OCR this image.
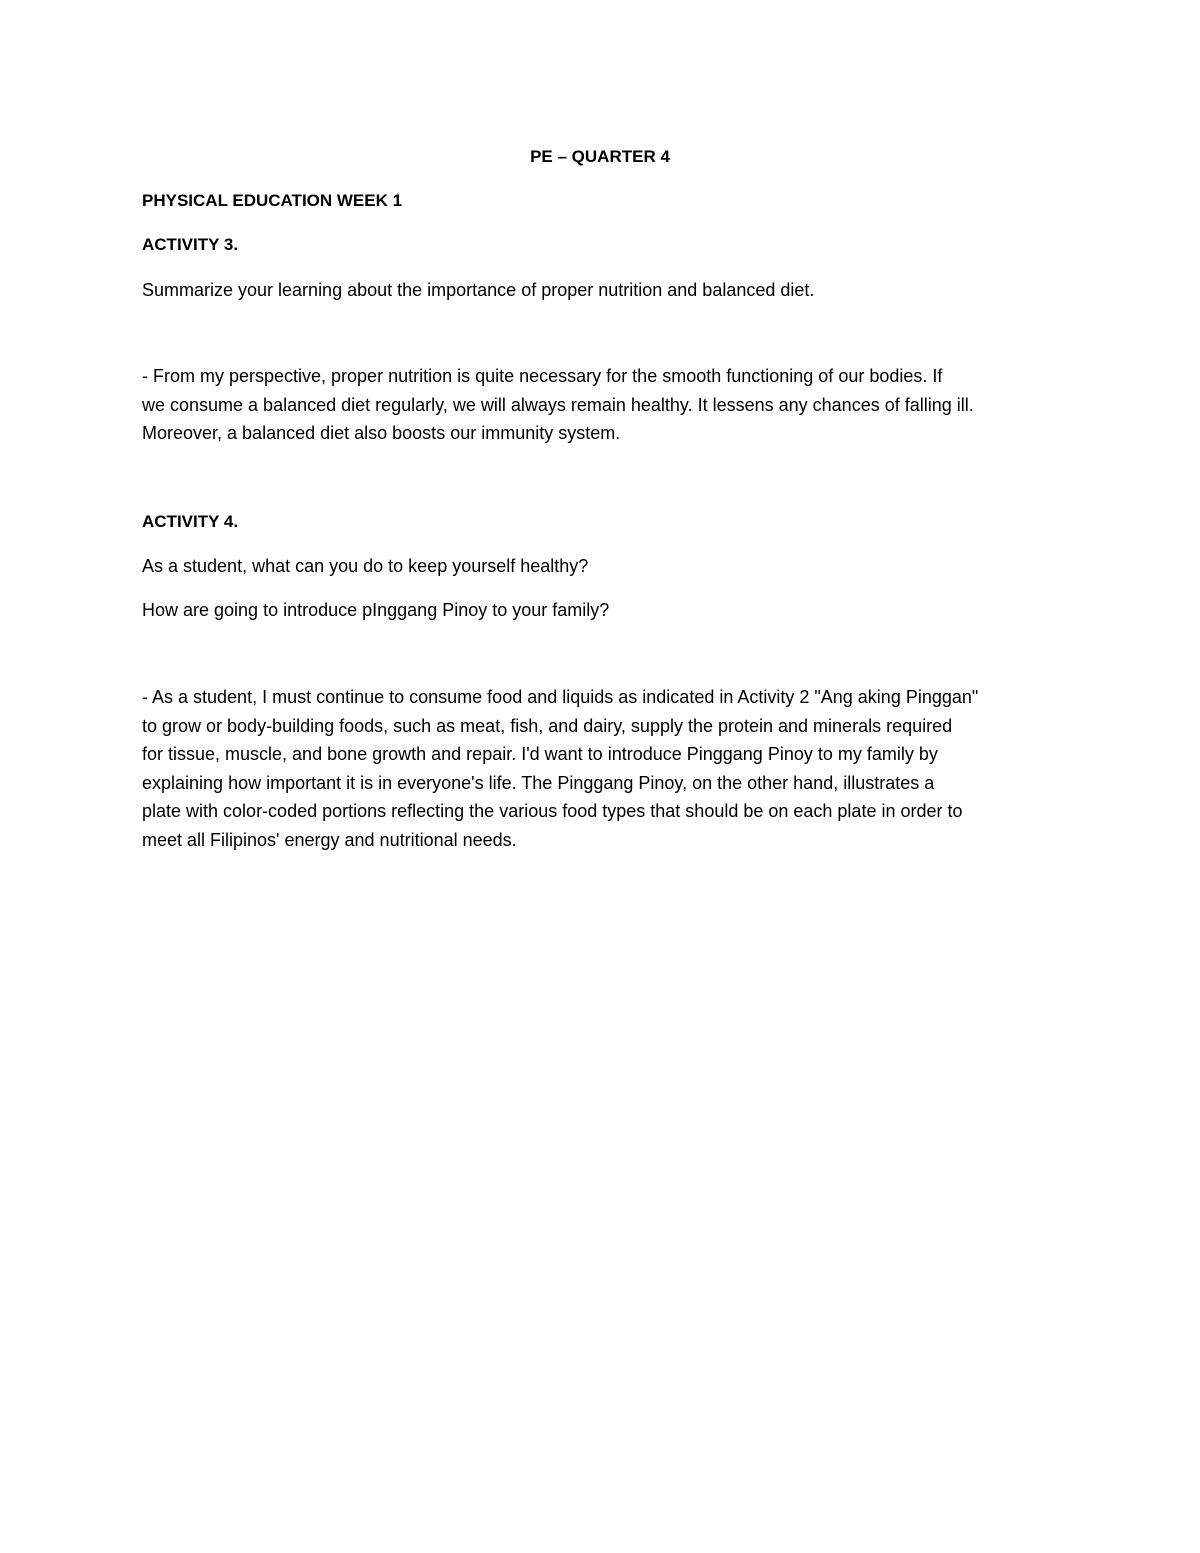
PE – QUARTER 4

PHYSICAL EDUCATION WEEK 1

ACTIVITY 3.

Summarize your learning about the importance of proper nutrition and balanced diet.

- From my perspective, proper nutrition is quite necessary for the smooth functioning of our bodies. If
we consume a balanced diet regularly, we will always remain healthy. It lessens any chances of falling ill.
Moreover, a balanced diet also boosts our immunity system.

ACTIVITY 4.

As a student, what can you do to keep yourself healthy?

How are going to introduce pInggang Pinoy to your family?

- As a student, I must continue to consume food and liquids as indicated in Activity 2 "Ang aking Pinggan"
to grow or body-building foods, such as meat, fish, and dairy, supply the protein and minerals required
for tissue, muscle, and bone growth and repair. I'd want to introduce Pinggang Pinoy to my family by
explaining how important it is in everyone's life. The Pinggang Pinoy, on the other hand, illustrates a
plate with color-coded portions reflecting the various food types that should be on each plate in order to
meet all Filipinos' energy and nutritional needs.
